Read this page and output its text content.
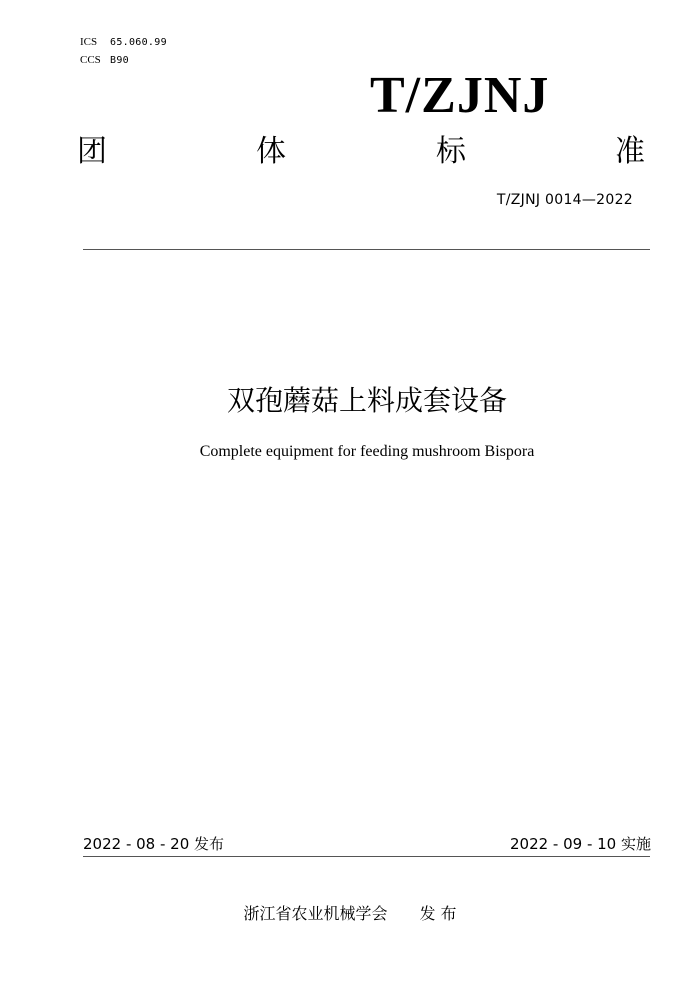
ICS 65.060.99
CCS B90
T/ZJNJ
团	体	标	准
T/ZJNJ 0014—2022
双孢蘑菇上料成套设备
Complete equipment for feeding mushroom Bispora
2022 - 08 - 20 发布	2022 - 09 - 10 实施
浙江省农业机械学会 发 布
